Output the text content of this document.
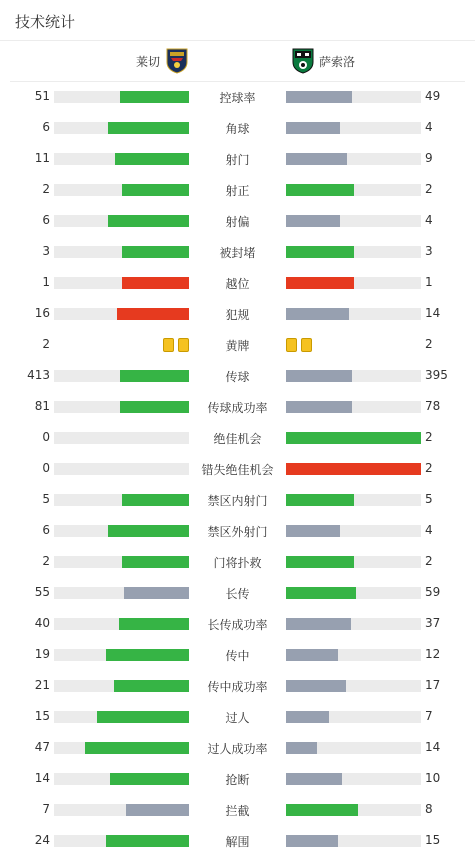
技术统计
莱切	萨索洛
51	控球率	49
6	角球	4
11	射门	9
2	射正	2
6	射偏	4
3	被封堵	3
1	越位	1
16	犯规	14
2	黄牌	2
413	传球	395
81	传球成功率	78
0	绝佳机会	2
0	错失绝佳机会	2
5	禁区内射门	5
6	禁区外射门	4
2	门将扑救	2
55	长传	59
40	长传成功率	37
19	传中	12
21	传中成功率	17
15	过人	7
47	过人成功率	14
14	抢断	10
7	拦截	8
24	解围	15
